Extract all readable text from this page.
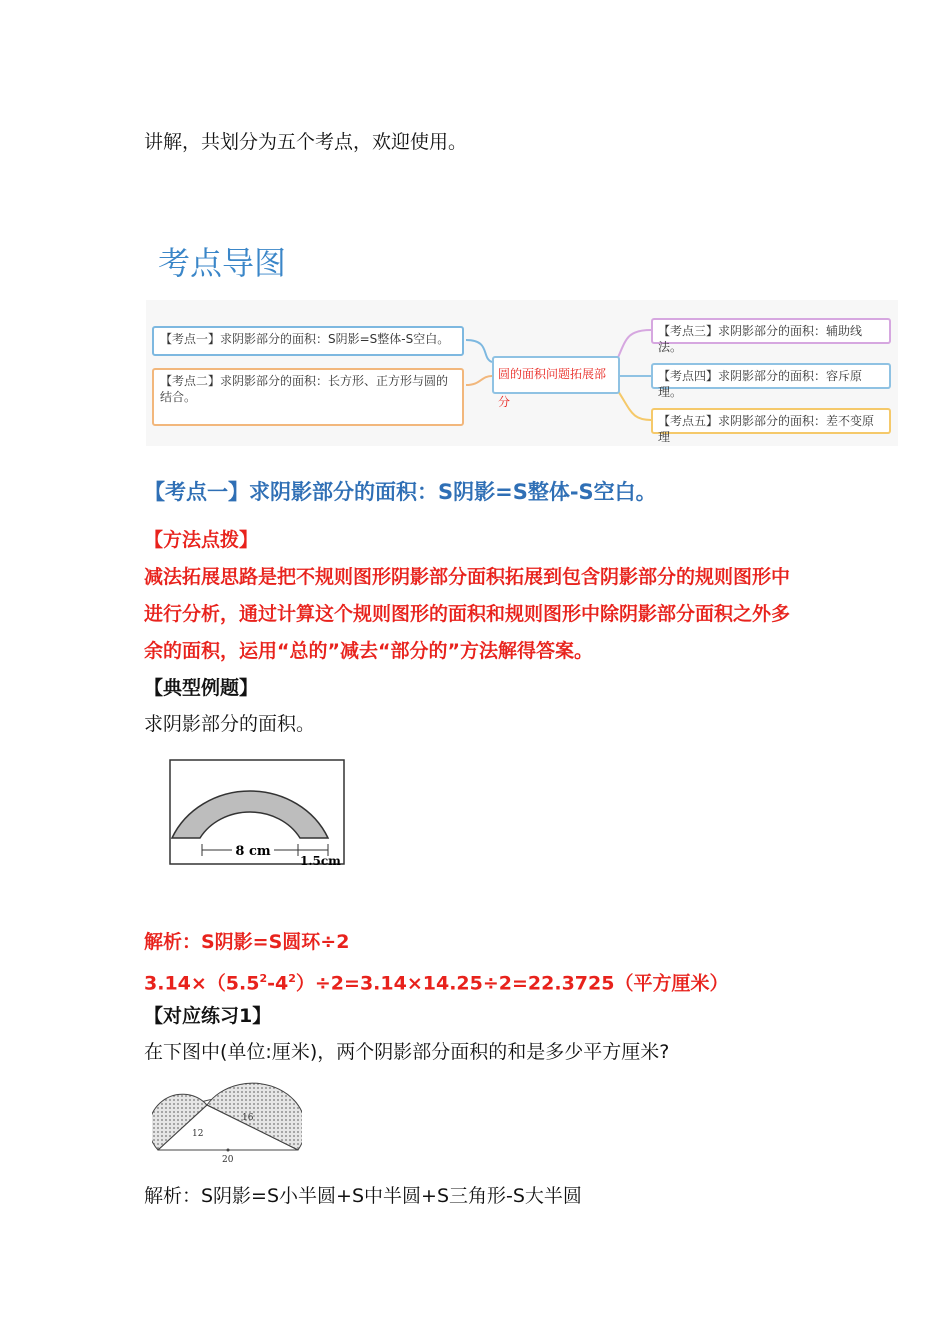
讲解，共划分为五个考点，欢迎使用。
考点导图
【考点一】求阴影部分的面积：S阴影=S整体-S空白。
【考点二】求阴影部分的面积：长方形、正方形与圆的结合。
圆的面积问题拓展部分
【考点三】求阴影部分的面积：辅助线法。
【考点四】求阴影部分的面积：容斥原理。
【考点五】求阴影部分的面积：差不变原理
【考点一】求阴影部分的面积：S阴影=S整体-S空白。
【方法点拨】
减法拓展思路是把不规则图形阴影部分面积拓展到包含阴影部分的规则图形中
进行分析，通过计算这个规则图形的面积和规则图形中除阴影部分面积之外多
余的面积，运用“总的”减去“部分的”方法解得答案。
【典型例题】
求阴影部分的面积。
8 cm
1.5cm
解析：S阴影=S圆环÷2
$3.14\times(5.5^2-4^2)\div 2=3.14\times 14.25\div 2=22.3725$（平方厘米）
【对应练习1】
在下图中(单位:厘米)，两个阴影部分面积的和是多少平方厘米?
12
16
20
解析：S阴影=S小半圆+S中半圆+S三角形-S大半圆
